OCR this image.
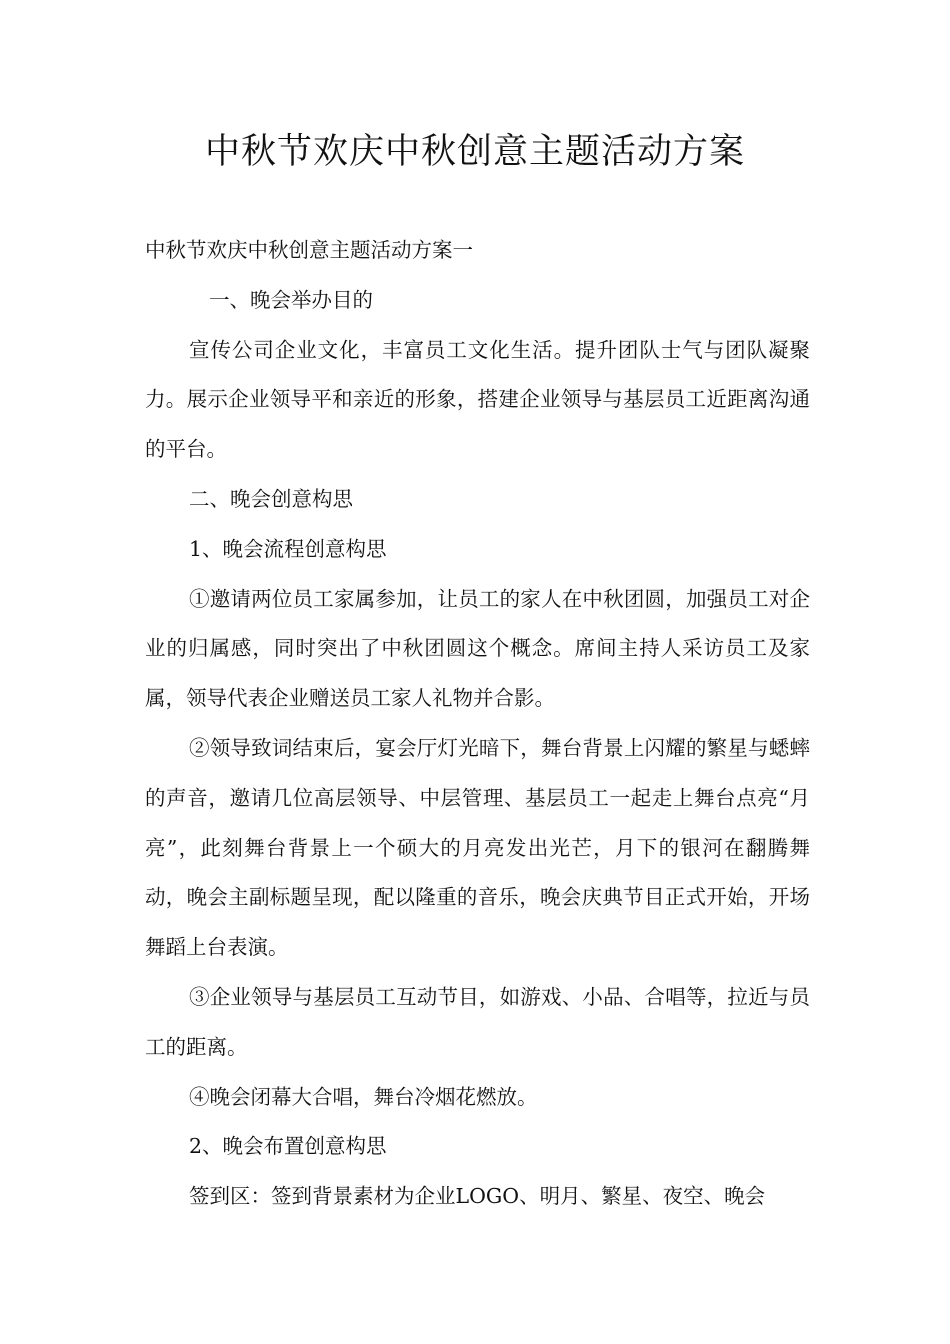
中秋节欢庆中秋创意主题活动方案

中秋节欢庆中秋创意主题活动方案一

一、晚会举办目的

宣传公司企业文化，丰富员工文化生活。提升团队士气与团队凝聚力。展示企业领导平和亲近的形象，搭建企业领导与基层员工近距离沟通的平台。

二、晚会创意构思

1、晚会流程创意构思

①邀请两位员工家属参加，让员工的家人在中秋团圆，加强员工对企业的归属感，同时突出了中秋团圆这个概念。席间主持人采访员工及家属，领导代表企业赠送员工家人礼物并合影。

②领导致词结束后，宴会厅灯光暗下，舞台背景上闪耀的繁星与蟋蟀的声音，邀请几位高层领导、中层管理、基层员工一起走上舞台点亮“月亮”，此刻舞台背景上一个硕大的月亮发出光芒，月下的银河在翻腾舞动，晚会主副标题呈现，配以隆重的音乐，晚会庆典节目正式开始，开场舞蹈上台表演。

③企业领导与基层员工互动节目，如游戏、小品、合唱等，拉近与员工的距离。

④晚会闭幕大合唱，舞台冷烟花燃放。

2、晚会布置创意构思

签到区：签到背景素材为企业LOGO、明月、繁星、夜空、晚会
